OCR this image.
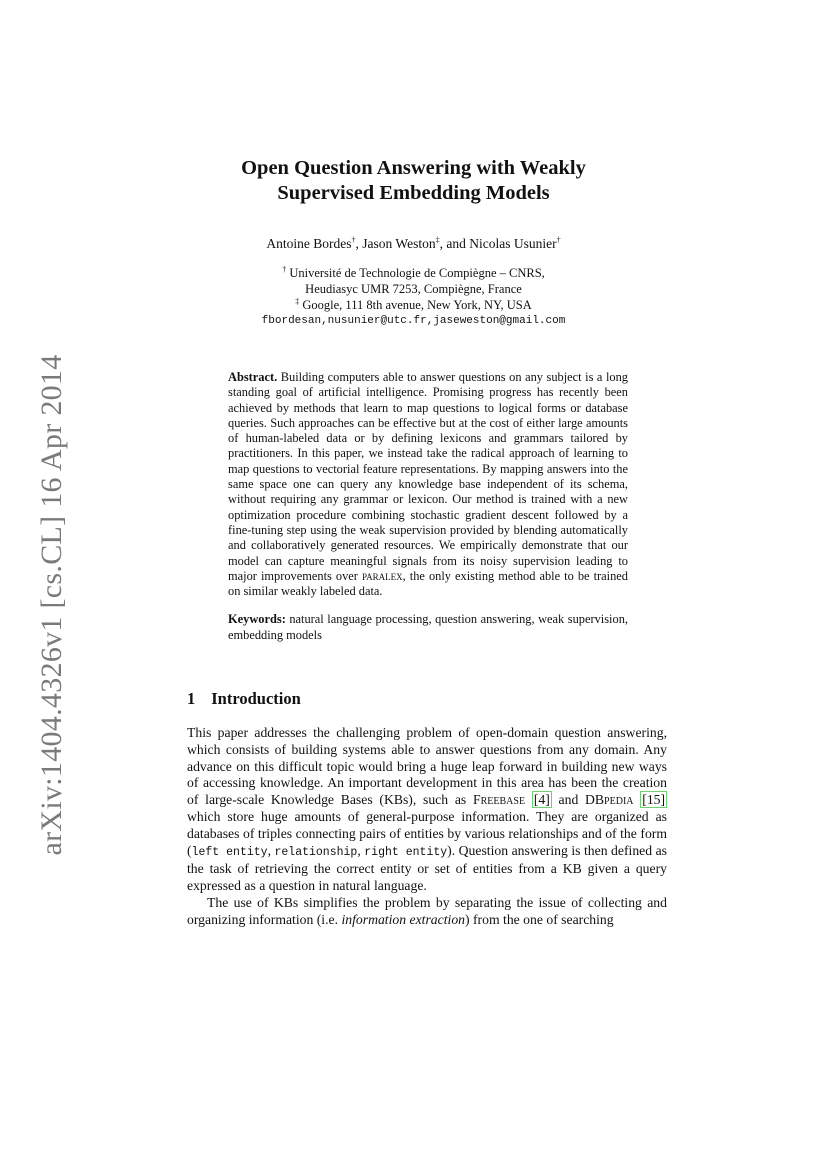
arXiv:1404.4326v1 [cs.CL] 16 Apr 2014
Open Question Answering with Weakly
Supervised Embedding Models
Antoine Bordes†, Jason Weston‡, and Nicolas Usunier†
† Université de Technologie de Compiègne – CNRS,
Heudiasyc UMR 7253, Compiègne, France
‡ Google, 111 8th avenue, New York, NY, USA
fbordesan,nusunier@utc.fr,jaseweston@gmail.com

Abstract. Building computers able to answer questions on any subject is a long standing goal of artificial intelligence. Promising progress has recently been achieved by methods that learn to map questions to logical forms or database queries. Such approaches can be effective but at the cost of either large amounts of human-labeled data or by defining lexicons and grammars tailored by practitioners. In this paper, we instead take the radical approach of learning to map questions to vectorial feature representations. By mapping answers into the same space one can query any knowledge base independent of its schema, without requiring any grammar or lexicon. Our method is trained with a new optimization procedure combining stochastic gradient descent followed by a fine-tuning step using the weak supervision provided by blending automatically and collaboratively generated resources. We empirically demonstrate that our model can capture meaningful signals from its noisy supervision leading to major improvements over paralex, the only existing method able to be trained on similar weakly labeled data.

Keywords: natural language processing, question answering, weak supervision, embedding models

1 Introduction

This paper addresses the challenging problem of open-domain question answering, which consists of building systems able to answer questions from any domain. Any advance on this difficult topic would bring a huge leap forward in building new ways of accessing knowledge. An important development in this area has been the creation of large-scale Knowledge Bases (KBs), such as Freebase [4] and DBpedia [15] which store huge amounts of general-purpose information. They are organized as databases of triples connecting pairs of entities by various relationships and of the form (left entity, relationship, right entity). Question answering is then defined as the task of retrieving the correct entity or set of entities from a KB given a query expressed as a question in natural language.

The use of KBs simplifies the problem by separating the issue of collecting and organizing information (i.e. information extraction) from the one of searching
